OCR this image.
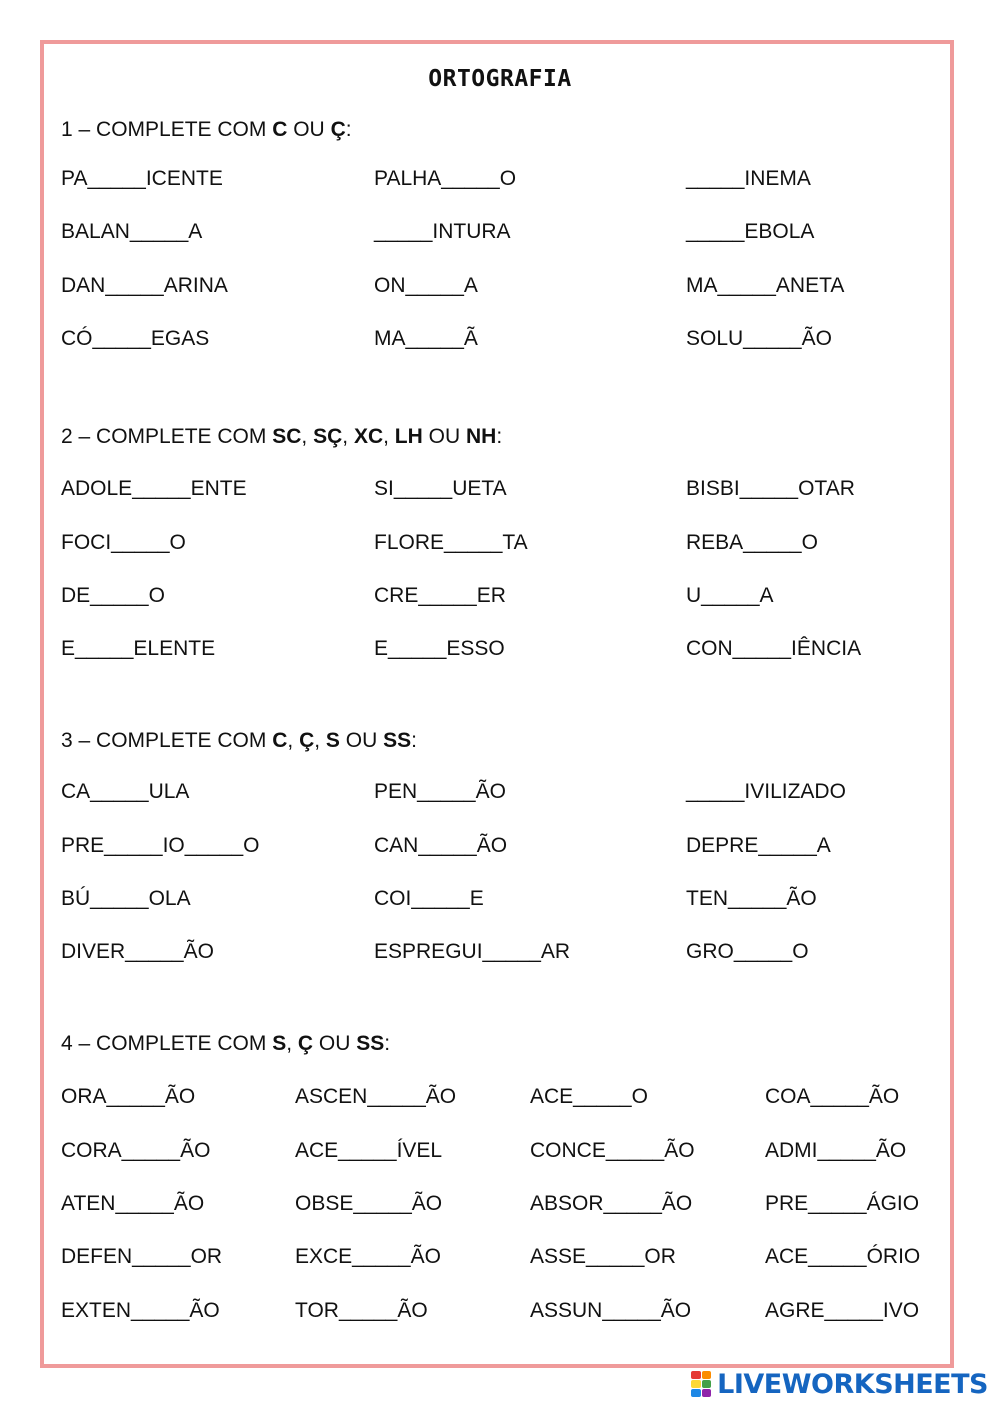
ORTOGRAFIA
1 – COMPLETE COM C OU Ç:
PA_____ICENTE	PALHA_____O	_____INEMA
BALAN_____A	_____INTURA	_____EBOLA
DAN_____ARINA	ON_____A	MA_____ANETA
CÓ_____EGAS	MA_____Ã	SOLU_____ÃO
2 – COMPLETE COM SC, SÇ, XC, LH OU NH:
ADOLE_____ENTE	SI_____UETA	BISBI_____OTAR
FOCI_____O	FLORE_____TA	REBA_____O
DE_____O	CRE_____ER	U_____A
E_____ELENTE	E_____ESSO	CON_____IÊNCIA
3 – COMPLETE COM C, Ç, S OU SS:
CA_____ULA	PEN_____ÃO	_____IVILIZADO
PRE_____IO_____O	CAN_____ÃO	DEPRE_____A
BÚ_____OLA	COI_____E	TEN_____ÃO
DIVER_____ÃO	ESPREGUI_____AR	GRO_____O
4 – COMPLETE COM S, Ç OU SS:
ORA_____ÃO	ASCEN_____ÃO	ACE_____O	COA_____ÃO
CORA_____ÃO	ACE_____ÍVEL	CONCE_____ÃO	ADMI_____ÃO
ATEN_____ÃO	OBSE_____ÃO	ABSOR_____ÃO	PRE_____ÁGIO
DEFEN_____OR	EXCE_____ÃO	ASSE_____OR	ACE_____ÓRIO
EXTEN_____ÃO	TOR_____ÃO	ASSUN_____ÃO	AGRE_____IVO
LIVEWORKSHEETS
